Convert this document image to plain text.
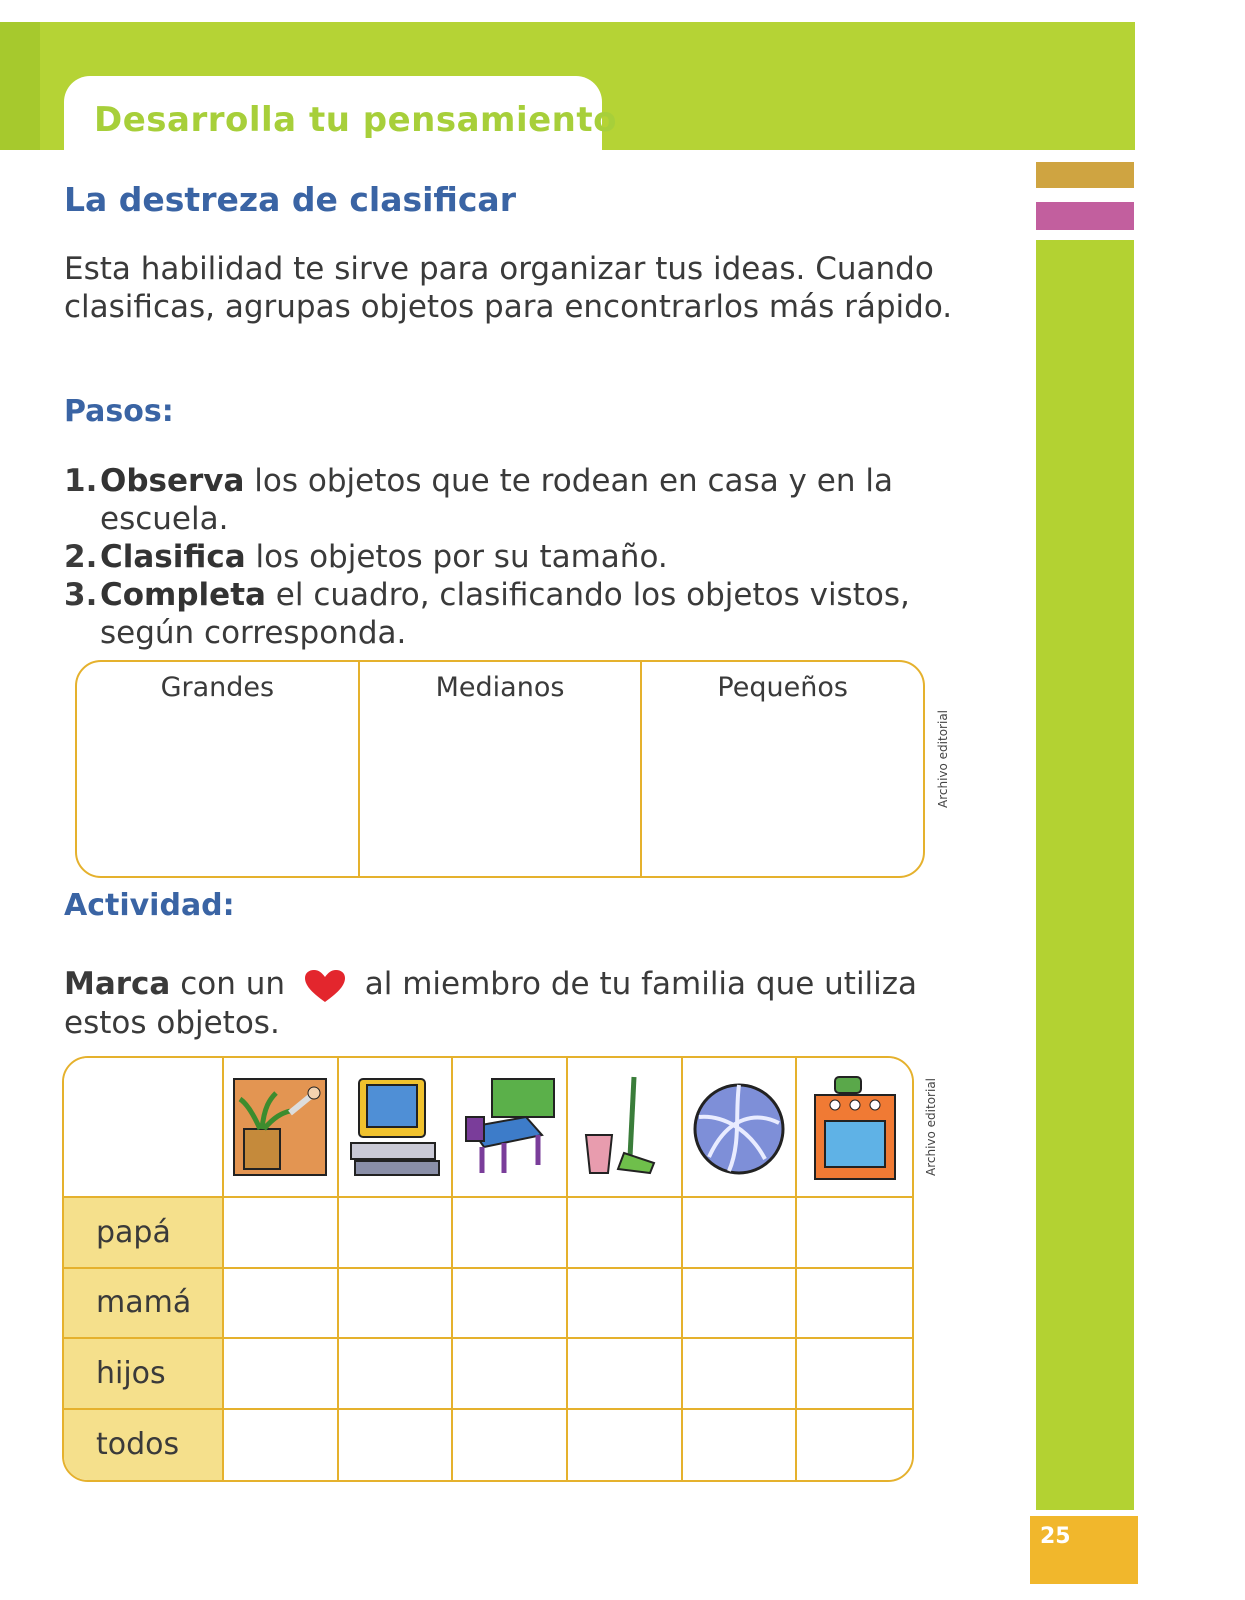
Desarrolla tu pensamiento
25
La destreza de clasificar
Esta habilidad te sirve para organizar tus ideas. Cuando clasificas, agrupas objetos para encontrarlos más rápido.
Pasos:
1. Observa los objetos que te rodean en casa y en la escuela.
2. Clasifica los objetos por su tamaño.
3. Completa el cuadro, clasificando los objetos vistos, según corresponda.
Grandes	Medianos	Pequeños
Archivo editorial
Actividad:
Marca con un  al miembro de tu familia que utiliza estos objetos.
papá
mamá
hijos
todos
Archivo editorial
